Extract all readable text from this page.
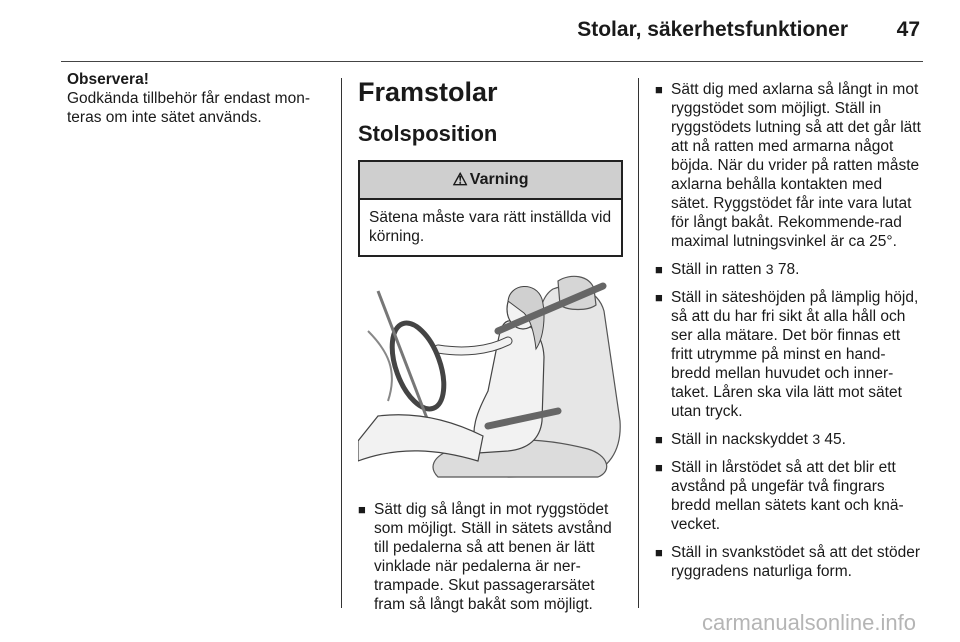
Stolar, säkerhetsfunktioner 47
Observera!
Godkända tillbehör får endast mon-teras om inte sätet används.
Framstolar
Stolsposition
⚠ Varning
Sätena måste vara rätt inställda vid körning.
■ Sätt dig så långt in mot ryggstödet som möjligt. Ställ in sätets avstånd till pedalerna så att benen är lätt vinklade när pedalerna är ner-trampade. Skut passagerarsätet fram så långt bakåt som möjligt.
■ Sätt dig med axlarna så långt in mot ryggstödet som möjligt. Ställ in ryggstödets lutning så att det går lätt att nå ratten med armarna något böjda. När du vrider på ratten måste axlarna behålla kontakten med sätet. Ryggstödet får inte vara lutat för långt bakåt. Rekommende-rad maximal lutningsvinkel är ca 25°.
■ Ställ in ratten 3 78.
■ Ställ in säteshöjden på lämplig höjd, så att du har fri sikt åt alla håll och ser alla mätare. Det bör finnas ett fritt utrymme på minst en hand-bredd mellan huvudet och inner-taket. Låren ska vila lätt mot sätet utan tryck.
■ Ställ in nackskyddet 3 45.
■ Ställ in lårstödet så att det blir ett avstånd på ungefär två fingrars bredd mellan sätets kant och knä-vecket.
■ Ställ in svankstödet så att det stöder ryggradens naturliga form.
carmanualsonline.info
